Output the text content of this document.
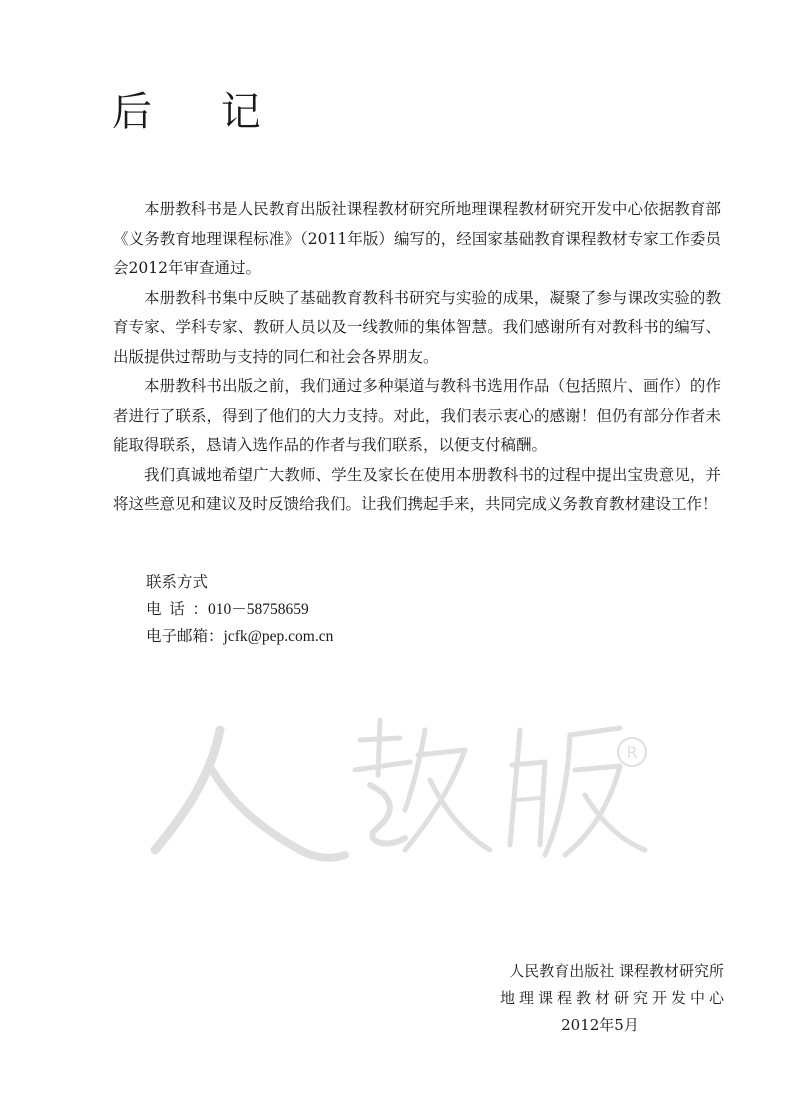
后 记

本册教科书是人民教育出版社课程教材研究所地理课程教材研究开发中心依据教育部《义务教育地理课程标准》（2011年版）编写的，经国家基础教育课程教材专家工作委员会2012年审查通过。

本册教科书集中反映了基础教育教科书研究与实验的成果，凝聚了参与课改实验的教育专家、学科专家、教研人员以及一线教师的集体智慧。我们感谢所有对教科书的编写、出版提供过帮助与支持的同仁和社会各界朋友。

本册教科书出版之前，我们通过多种渠道与教科书选用作品（包括照片、画作）的作者进行了联系，得到了他们的大力支持。对此，我们表示衷心的感谢！但仍有部分作者未能取得联系，恳请入选作品的作者与我们联系，以便支付稿酬。

我们真诚地希望广大教师、学生及家长在使用本册教科书的过程中提出宝贵意见，并将这些意见和建议及时反馈给我们。让我们携起手来，共同完成义务教育教材建设工作！

联系方式
电话：010－58758659
电子邮箱：jcfk@pep.com.cn
R
人民教育出版社 课程教材研究所
地理课程教材研究开发中心
2012年5月
